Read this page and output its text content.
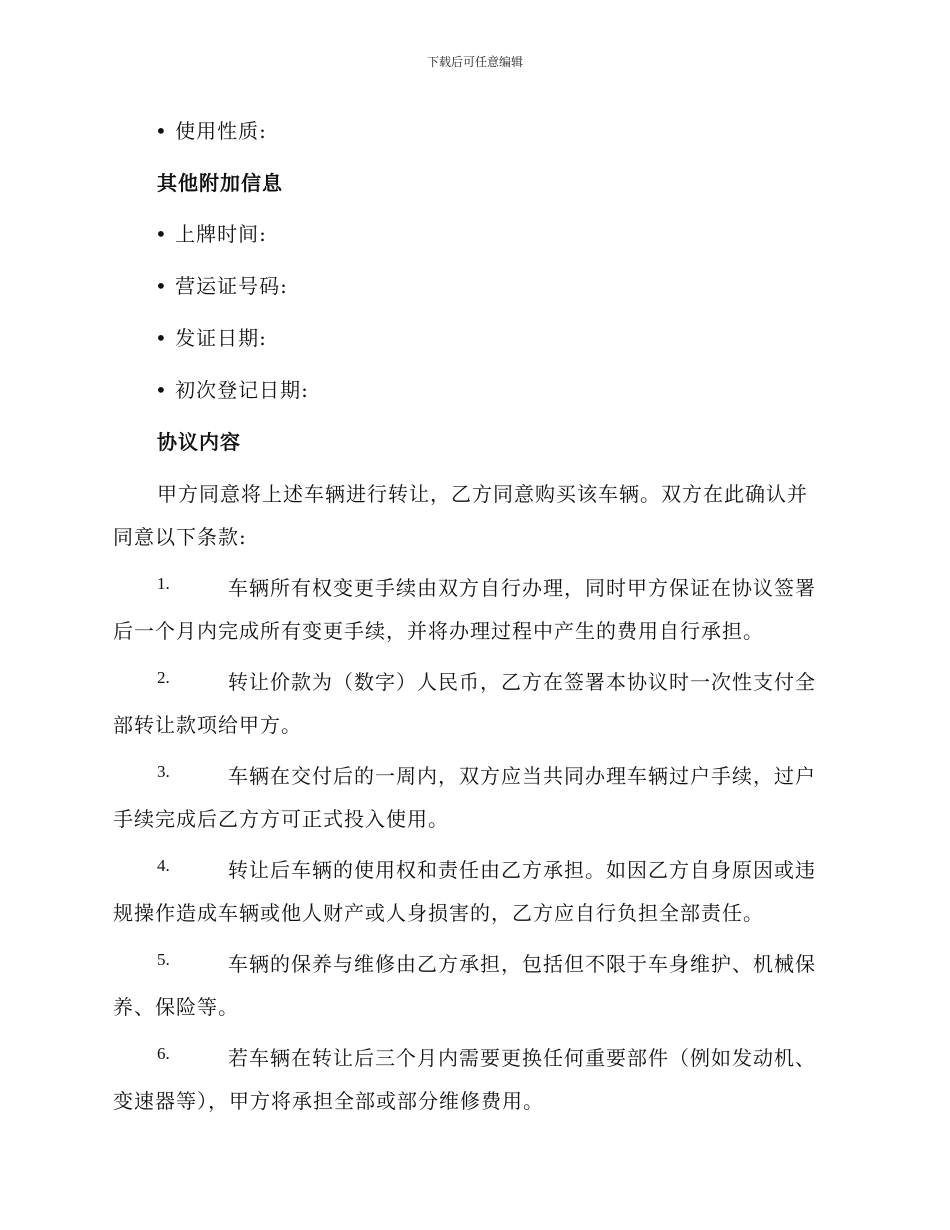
下载后可任意编辑
• 使用性质:
其他附加信息
• 上牌时间:
• 营运证号码:
• 发证日期:
• 初次登记日期:
协议内容
甲方同意将上述车辆进行转让，乙方同意购买该车辆。双方在此确认并
同意以下条款:
1.	车辆所有权变更手续由双方自行办理，同时甲方保证在协议签署
后一个月内完成所有变更手续，并将办理过程中产生的费用自行承担。
2.	转让价款为（数字）人民币，乙方在签署本协议时一次性支付全
部转让款项给甲方。
3.	车辆在交付后的一周内，双方应当共同办理车辆过户手续，过户
手续完成后乙方方可正式投入使用。
4.	转让后车辆的使用权和责任由乙方承担。如因乙方自身原因或违
规操作造成车辆或他人财产或人身损害的，乙方应自行负担全部责任。
5.	车辆的保养与维修由乙方承担，包括但不限于车身维护、机械保
养、保险等。
6.	若车辆在转让后三个月内需要更换任何重要部件（例如发动机、
变速器等），甲方将承担全部或部分维修费用。
